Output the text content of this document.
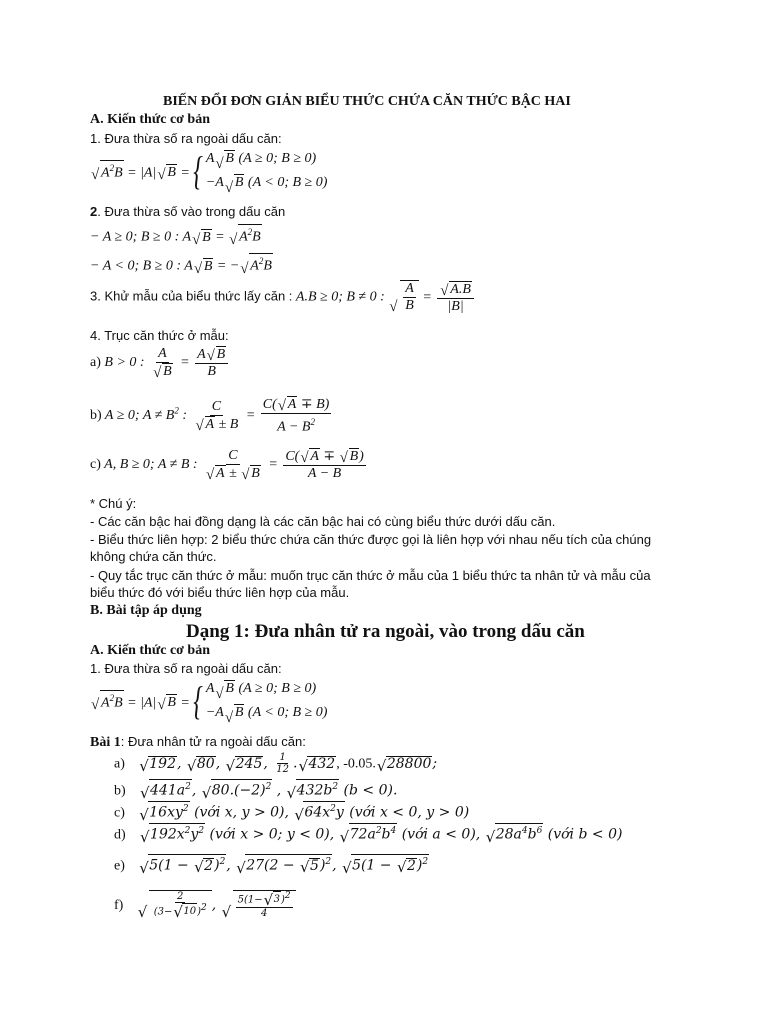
BIẾN ĐỔI ĐƠN GIẢN BIỂU THỨC CHỨA CĂN THỨC BẬC HAI
A. Kiến thức cơ bản
1. Đưa thừa số ra ngoài dấu căn:
√ $A^2B = |A|√$ B ={ A√ B (A ≥ 0; B ≥ 0)
−A√ B (A < 0; B ≥ 0)
2. Đưa thừa số vào trong dấu căn
− A ≥ 0; B ≥ 0 : A√ B = √ $A^2B$
− A < 0; B ≥ 0 : A√ B = −√ $A^2B$
3. Khử mẫu của biểu thức lấy căn : A.B ≥ 0; B ≠ 0 :
√ $\frac{A}{B}$ =
√ $\frac{A.B}{|B|}$
4. Trục căn thức ở mẫu:
a) B > 0 : A
√ $B = \frac{A√ B}{B}$
b) A ≥ 0; $A \ne B^2$ : C
√ $A \pm B = \frac{C(√ A \mp B)}{A - B^2}$
c) A, B ≥ 0; A ≠ B : C
√ A ± √ $B = \frac{C(√ A \mp √ B)}{A - B}$
* Chú ý:
- Các căn bậc hai đồng dạng là các căn bậc hai có cùng biểu thức dưới dấu căn.
- Biểu thức liên hợp: 2 biểu thức chứa căn thức được gọi là liên hợp với nhau nếu tích của chúng
không chứa căn thức.
- Quy tắc trục căn thức ở mẫu: muốn trục căn thức ở mẫu của 1 biểu thức ta nhân tử và mẫu của
biểu thức đó với biểu thức liên hợp của mẫu.
B. Bài tập áp dụng
Dạng 1: Đưa nhân tử ra ngoài, vào trong dấu căn
A. Kiến thức cơ bản
1. Đưa thừa số ra ngoài dấu căn:
√ $A^2B = |A|√$ B ={ A√ B (A ≥ 0; B ≥ 0)
−A√ B (A < 0; B ≥ 0)
Bài 1: Đưa nhân tử ra ngoài dấu căn:
a)   √ 192, √ 80, √ 245, $\frac{1}{12}$ .√ 432, -0.05.√ 28800;
b)   √ $441a^2$, √ $80.(-2)^2$ , √ $432b^2$ (b < 0).
c)   √ $16xy^2$ (với x, y > 0), √ $64x^2y$ (với x < 0, y > 0)
d)   √ $192x^2y^2$ (với x > 0; y < 0), √ $72a^2b^4$ (với a < 0), √ $28a^4b^6$ (với b < 0)
e)   √ 5(1 − √ 2)$^2$, √ 27(2 − √ 5)$^2$, √ 5(1 − √ 2)$^2$
f)
√	$\frac{2}{(3-√ 10)^2}$ ,
√ $\frac{5(1-√ 3)^2}{4}$
